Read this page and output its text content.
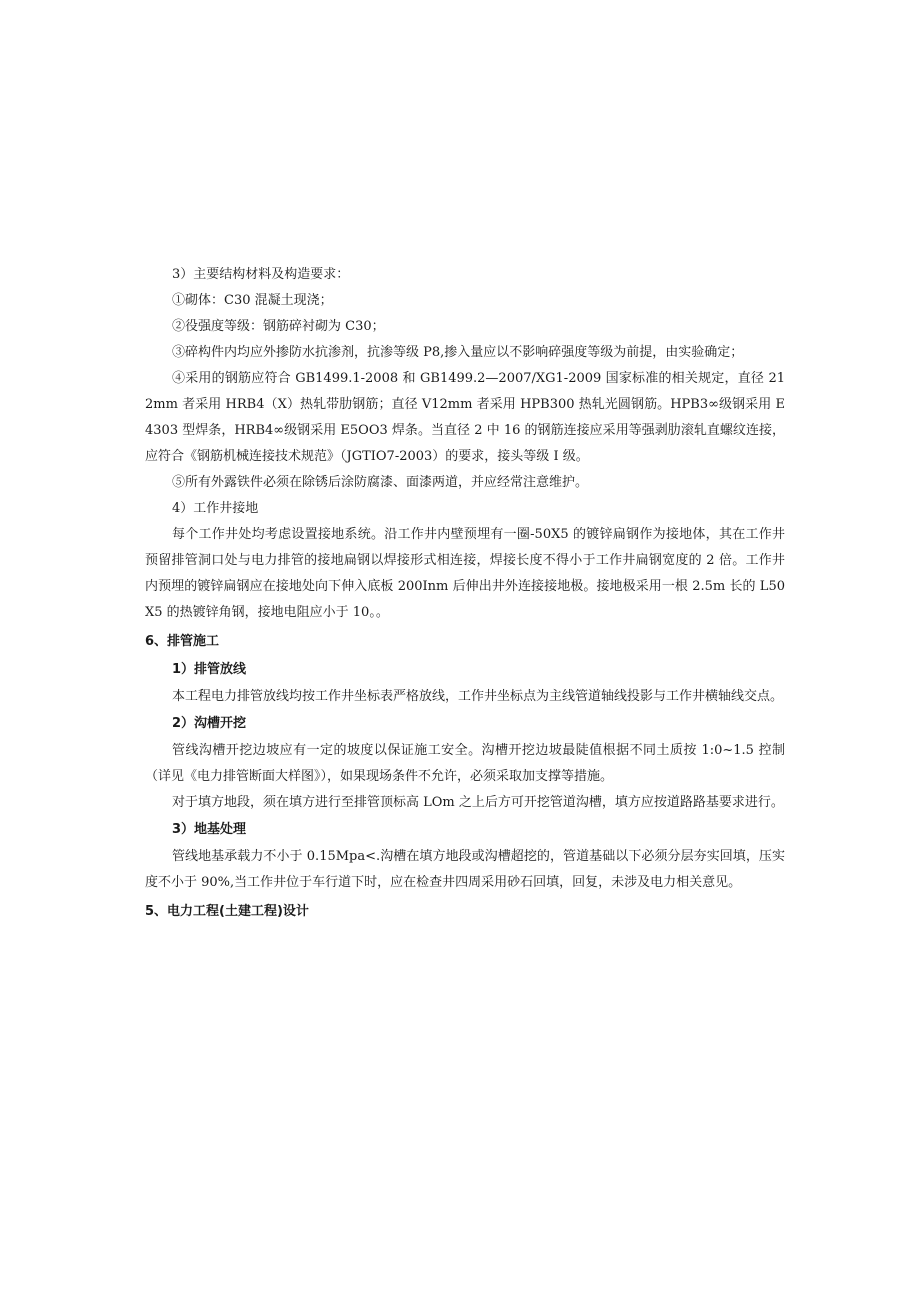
3）主要结构材料及构造要求：

①砌体：C30 混凝土现浇；

②役强度等级：钢筋碎衬砌为 C30；

③碎构件内均应外掺防水抗渗剂，抗渗等级 P8,掺入量应以不影响碎强度等级为前提，由实验确定；

④采用的钢筋应符合 GB1499.1-2008 和 GB1499.2—2007/XG1-2009 国家标准的相关规定，直径 212mm 者采用 HRB4（X）热轧带肋钢筋；直径 V12mm 者采用 HPB300 热轧光圆钢筋。HPB3∞级钢采用 E4303 型焊条，HRB4∞级钢采用 E5OO3 焊条。当直径 2 中 16 的钢筋连接应采用等强剥肋滚轧直螺纹连接，应符合《钢筋机械连接技术规范》（JGTIO7-2003）的要求，接头等级 I 级。

⑤所有外露铁件必须在除锈后涂防腐漆、面漆两道，并应经常注意维护。

4）工作井接地

每个工作井处均考虑设置接地系统。沿工作井内壁预埋有一圈-50X5 的镀锌扁钢作为接地体，其在工作井预留排管洞口处与电力排管的接地扁钢以焊接形式相连接，焊接长度不得小于工作井扁钢宽度的 2 倍。工作井内预埋的镀锌扁钢应在接地处向下伸入底板 200Inm 后伸出井外连接接地极。接地极采用一根 2.5m 长的 L50X5 的热镀锌角钢，接地电阻应小于 10。。

6、排管施工

1）排管放线

本工程电力排管放线均按工作井坐标表严格放线，工作井坐标点为主线管道轴线投影与工作井横轴线交点。

2）沟槽开挖

管线沟槽开挖边坡应有一定的坡度以保证施工安全。沟槽开挖边坡最陡值根据不同土质按 1:0~1.5 控制（详见《电力排管断面大样图》），如果现场条件不允许，必须采取加支撑等措施。

对于填方地段，须在填方进行至排管顶标高 LOm 之上后方可开挖管道沟槽，填方应按道路路基要求进行。

3）地基处理

管线地基承载力不小于 0.15Mpa<.沟槽在填方地段或沟槽超挖的，管道基础以下必须分层夯实回填，压实度不小于 90%,当工作井位于车行道下时，应在检查井四周采用砂石回填，回复，未涉及电力相关意见。

5、电力工程(土建工程)设计
